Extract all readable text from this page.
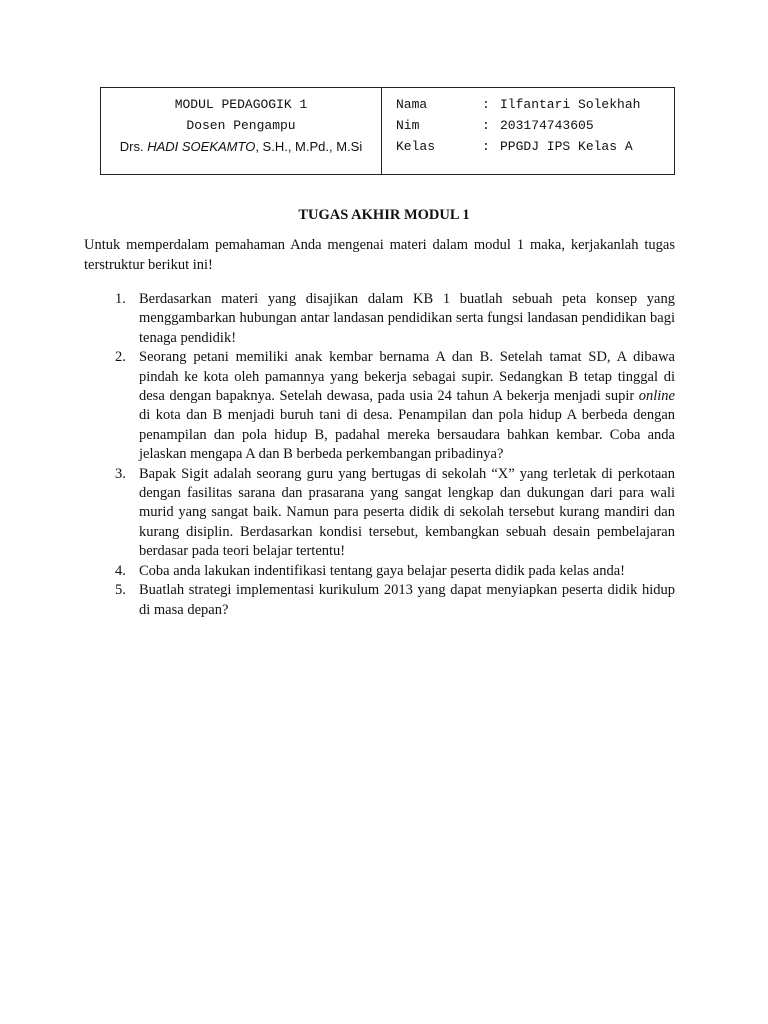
MODUL PEDAGOGIK 1
Dosen Pengampu
Drs. HADI SOEKAMTO, S.H., M.Pd., M.Si
Nama	: Ilfantari Solekhah
Nim	: 203174743605
Kelas	: PPGDJ IPS Kelas A
TUGAS AKHIR MODUL 1

Untuk memperdalam pemahaman Anda mengenai materi dalam modul 1 maka, kerjakanlah tugas terstruktur berikut ini!

1. Berdasarkan materi yang disajikan dalam KB 1 buatlah sebuah peta konsep yang menggambarkan hubungan antar landasan pendidikan serta fungsi landasan pendidikan bagi tenaga pendidik!
2. Seorang petani memiliki anak kembar bernama A dan B. Setelah tamat SD, A dibawa pindah ke kota oleh pamannya yang bekerja sebagai supir. Sedangkan B tetap tinggal di desa dengan bapaknya. Setelah dewasa, pada usia 24 tahun A bekerja menjadi supir online di kota dan B menjadi buruh tani di desa. Penampilan dan pola hidup A berbeda dengan penampilan dan pola hidup B, padahal mereka bersaudara bahkan kembar. Coba anda jelaskan mengapa A dan B berbeda perkembangan pribadinya?
3. Bapak Sigit adalah seorang guru yang bertugas di sekolah “X” yang terletak di perkotaan dengan fasilitas sarana dan prasarana yang sangat lengkap dan dukungan dari para wali murid yang sangat baik. Namun para peserta didik di sekolah tersebut kurang mandiri dan kurang disiplin. Berdasarkan kondisi tersebut, kembangkan sebuah desain pembelajaran berdasar pada teori belajar tertentu!
4. Coba anda lakukan indentifikasi tentang gaya belajar peserta didik pada kelas anda!
5. Buatlah strategi implementasi kurikulum 2013 yang dapat menyiapkan peserta didik hidup di masa depan?
